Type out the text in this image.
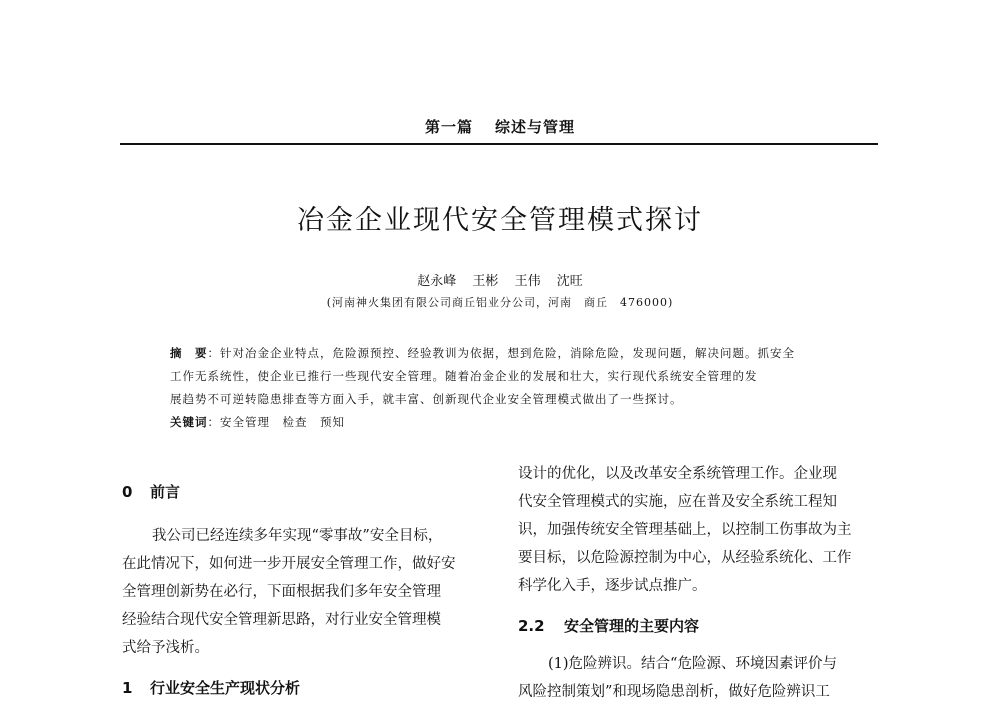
第一篇 综述与管理
冶金企业现代安全管理模式探讨
赵永峰 王彬 王伟 沈旺
(河南神火集团有限公司商丘铝业分公司，河南　商丘　476000)
摘　要：针对冶金企业特点，危险源预控、经验教训为依据，想到危险，消除危险，发现问题，解决问题。抓安全
工作无系统性，使企业已推行一些现代安全管理。随着冶金企业的发展和壮大，实行现代系统安全管理的发
展趋势不可逆转隐患排查等方面入手，就丰富、创新现代企业安全管理模式做出了一些探讨。
关键词：安全管理　检查　预知

0 前言

我公司已经连续多年实现“零事故”安全目标，

在此情况下，如何进一步开展安全管理工作，做好安

全管理创新势在必行，下面根据我们多年安全管理

经验结合现代安全管理新思路，对行业安全管理模

式给予浅析。

1 行业安全生产现状分析

设计的优化，以及改革安全系统管理工作。企业现

代安全管理模式的实施，应在普及安全系统工程知

识，加强传统安全管理基础上，以控制工伤事故为主

要目标，以危险源控制为中心，从经验系统化、工作

科学化入手，逐步试点推广。

2.2 安全管理的主要内容

(1)危险辨识。结合“危险源、环境因素评价与

风险控制策划”和现场隐患剖析，做好危险辨识工
